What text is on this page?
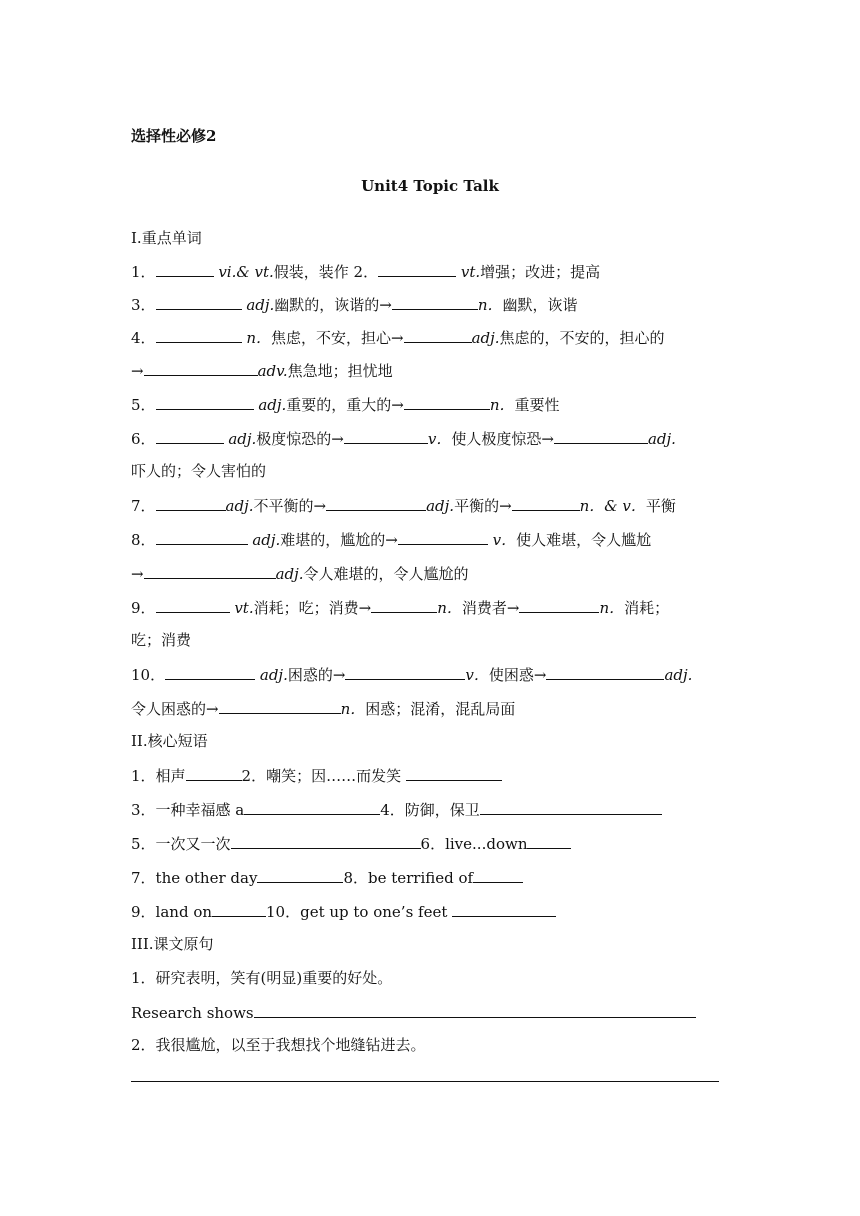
选择性必修2
Unit4 Topic Talk
I.重点单词
1．	vi.& vt.假装，装作 2．	vt.增强；改进；提高
3．	adj.幽默的，诙谐的→	n．幽默，诙谐
4．	n．焦虑，不安，担心→	adj.焦虑的，不安的，担心的
→	adv.焦急地；担忧地
5．	adj.重要的，重大的→	n．重要性
6．	adj.极度惊恐的→	v．使人极度惊恐→	adj.
吓人的；令人害怕的
7．	adj.不平衡的→	adj.平衡的→	n．& v．平衡
8．	adj.难堪的，尴尬的→	v．使人难堪，令人尴尬
→	adj.令人难堪的，令人尴尬的
9．	vt.消耗；吃；消费→	n．消费者→	n．消耗；
吃；消费
10．	adj.困惑的→	v．使困惑→	adj.
令人困惑的→	n．困惑；混淆，混乱局面
II.核心短语
1．相声	2．嘲笑；因……而发笑
3．一种幸福感 a	4．防御，保卫
5．一次又一次	6．live...down
7．the other day	8．be terrified of
9．land on	10．get up to one’s feet
III.课文原句
1．研究表明，笑有(明显)重要的好处。
Research shows
2．我很尴尬，以至于我想找个地缝钻进去。
